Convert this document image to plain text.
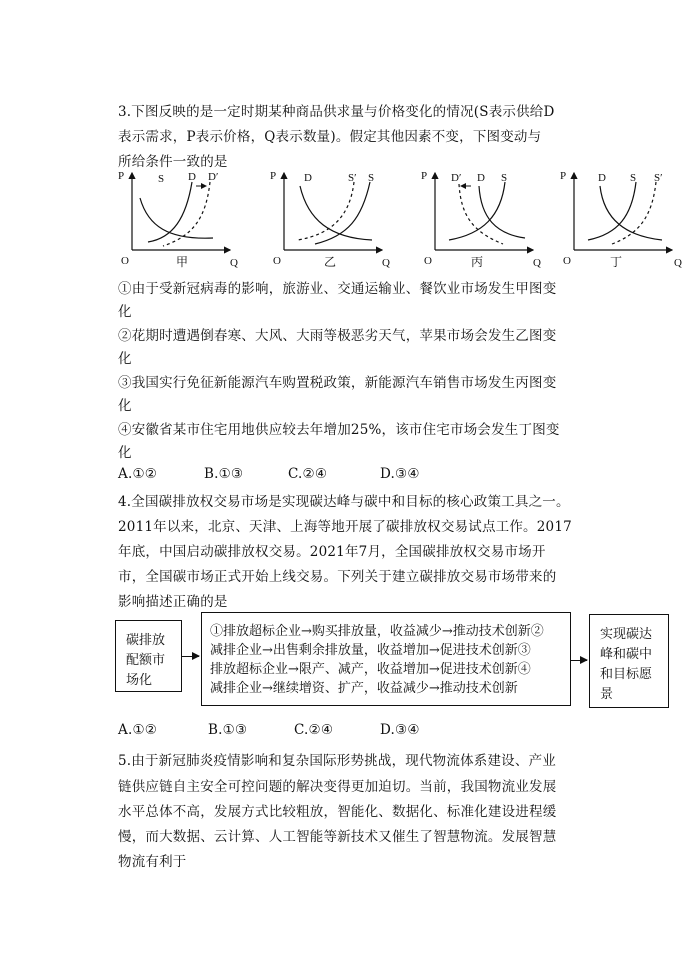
3.下图反映的是一定时期某种商品供求量与价格变化的情况(S表示供给D
表示需求，P表示价格，Q表示数量)。假定其他因素不变，下图变动与
所给条件一致的是
P
Q
O
S D D′
甲
P
Q
O
D	S′ S
乙
P
Q
O
D′ D S
丙
P
Q
O
D S S′
丁
①由于受新冠病毒的影响，旅游业、交通运输业、餐饮业市场发生甲图变
化
②花期时遭遇倒春寒、大风、大雨等极恶劣天气，苹果市场会发生乙图变
化
③我国实行免征新能源汽车购置税政策，新能源汽车销售市场发生丙图变
化
④安徽省某市住宅用地供应较去年增加25%，该市住宅市场会发生丁图变
化
A.①②	B.①③	C.②④	D.③④
4.全国碳排放权交易市场是实现碳达峰与碳中和目标的核心政策工具之一。
2011年以来，北京、天津、上海等地开展了碳排放权交易试点工作。2017
年底，中国启动碳排放权交易。2021年7月，全国碳排放权交易市场开
市，全国碳市场正式开始上线交易。下列关于建立碳排放交易市场带来的
影响描述正确的是
碳排放
配额市
场化
①排放超标企业→购买排放量，收益减少→推动技术创新②
减排企业→出售剩余排放量，收益增加→促进技术创新③
排放超标企业→限产、减产，收益增加→促进技术创新④
减排企业→继续增资、扩产，收益减少→推动技术创新
实现碳达
峰和碳中
和目标愿
景
A.①②	B.①③	C.②④	D.③④
5.由于新冠肺炎疫情影响和复杂国际形势挑战，现代物流体系建设、产业
链供应链自主安全可控问题的解决变得更加迫切。当前，我国物流业发展
水平总体不高，发展方式比较粗放，智能化、数据化、标准化建设进程缓
慢，而大数据、云计算、人工智能等新技术又催生了智慧物流。发展智慧
物流有利于
